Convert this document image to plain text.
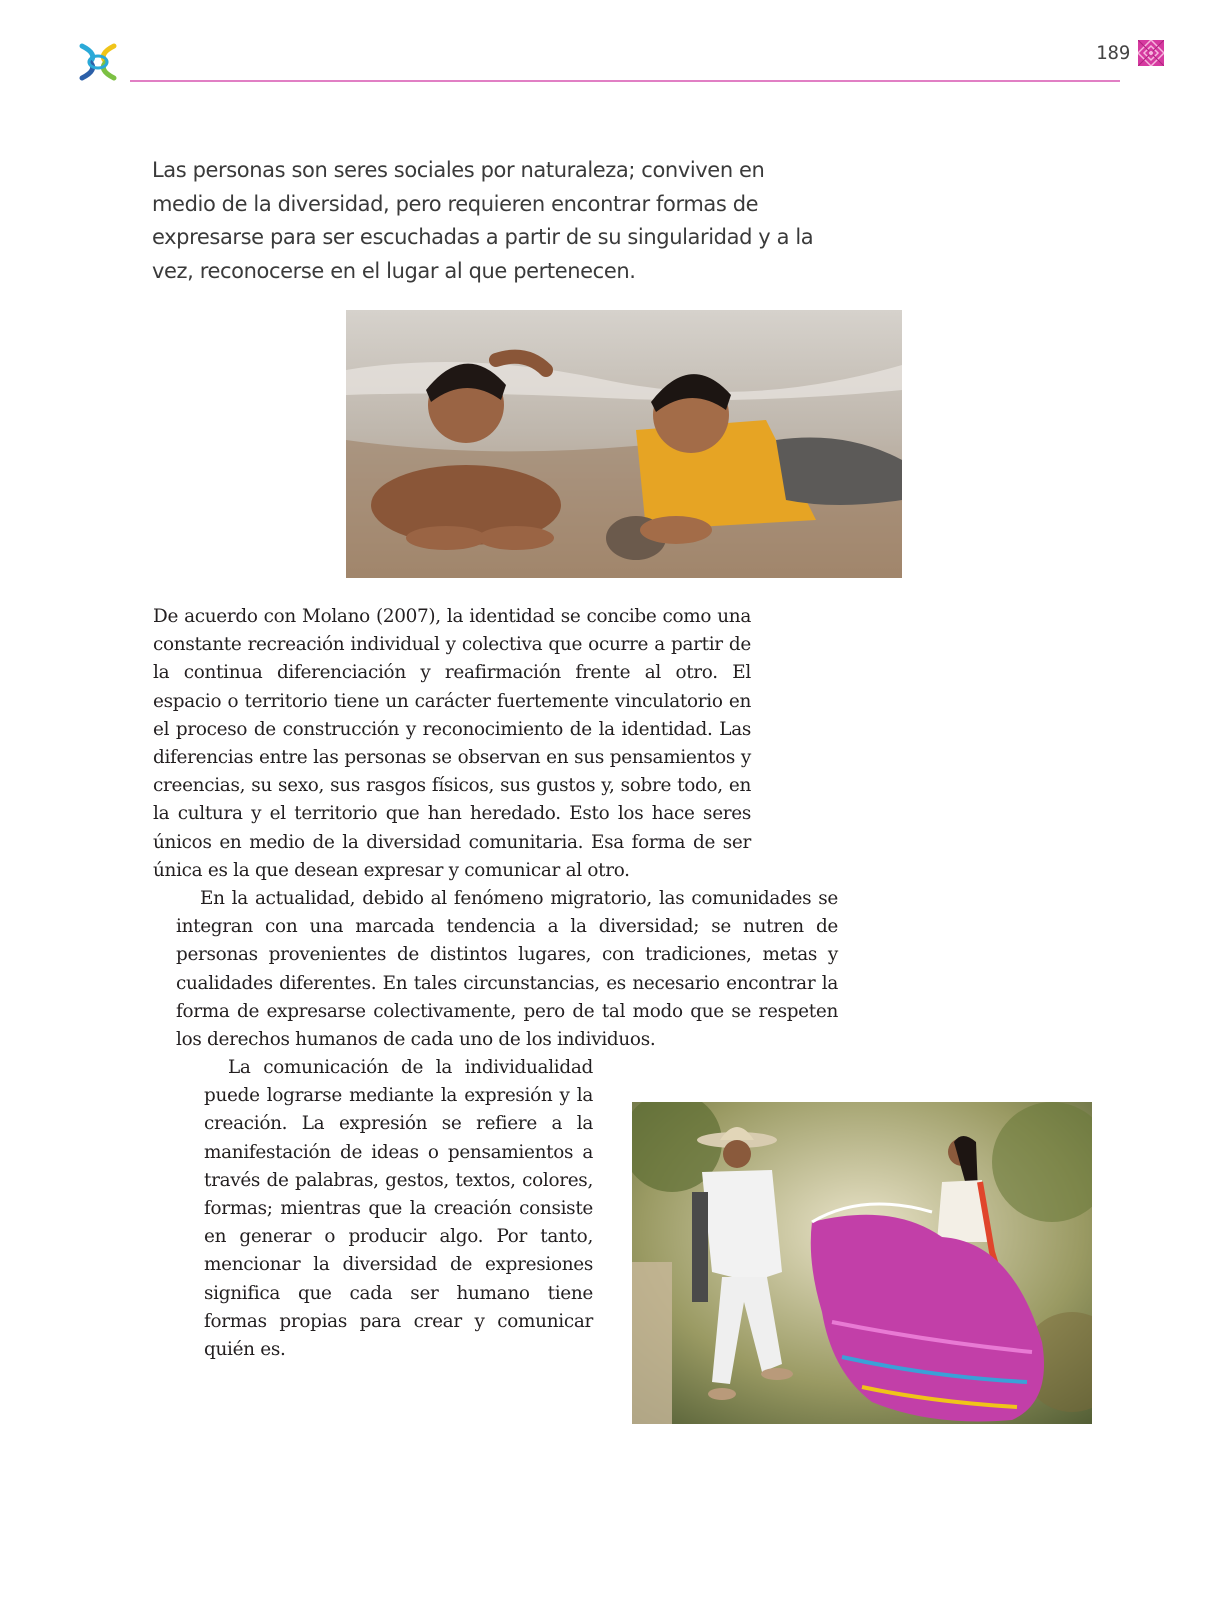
189

Las personas son seres sociales por naturaleza; conviven en medio de la diversidad, pero requieren encontrar formas de expresarse para ser escuchadas a partir de su singularidad y a la vez, reconocerse en el lugar al que pertenecen.

De acuerdo con Molano (2007), la identidad se concibe como una constante recreación individual y colectiva que ocurre a partir de la continua diferenciación y reafirmación frente al otro. El espacio o territorio tiene un carácter fuertemente vinculatorio en el proceso de construcción y reconocimiento de la identidad. Las diferencias entre las personas se observan en sus pensamientos y creencias, su sexo, sus rasgos físicos, sus gustos y, sobre todo, en la cultura y el territorio que han heredado. Esto los hace seres únicos en medio de la diversidad comunitaria. Esa forma de ser única es la que desean expresar y comunicar al otro.

En la actualidad, debido al fenómeno migratorio, las comunidades se integran con una marcada tendencia a la diversidad; se nutren de personas provenientes de distintos lugares, con tradiciones, metas y cualidades diferentes. En tales circunstancias, es necesario encontrar la forma de expresarse colectivamente, pero de tal modo que se respeten los derechos humanos de cada uno de los individuos.

La comunicación de la individualidad puede lograrse mediante la expresión y la creación. La expresión se refiere a la manifestación de ideas o pensamientos a través de palabras, gestos, textos, colores, formas; mientras que la creación consiste en generar o producir algo. Por tanto, mencionar la diversidad de expresiones significa que cada ser humano tiene formas propias para crear y comunicar quién es.
